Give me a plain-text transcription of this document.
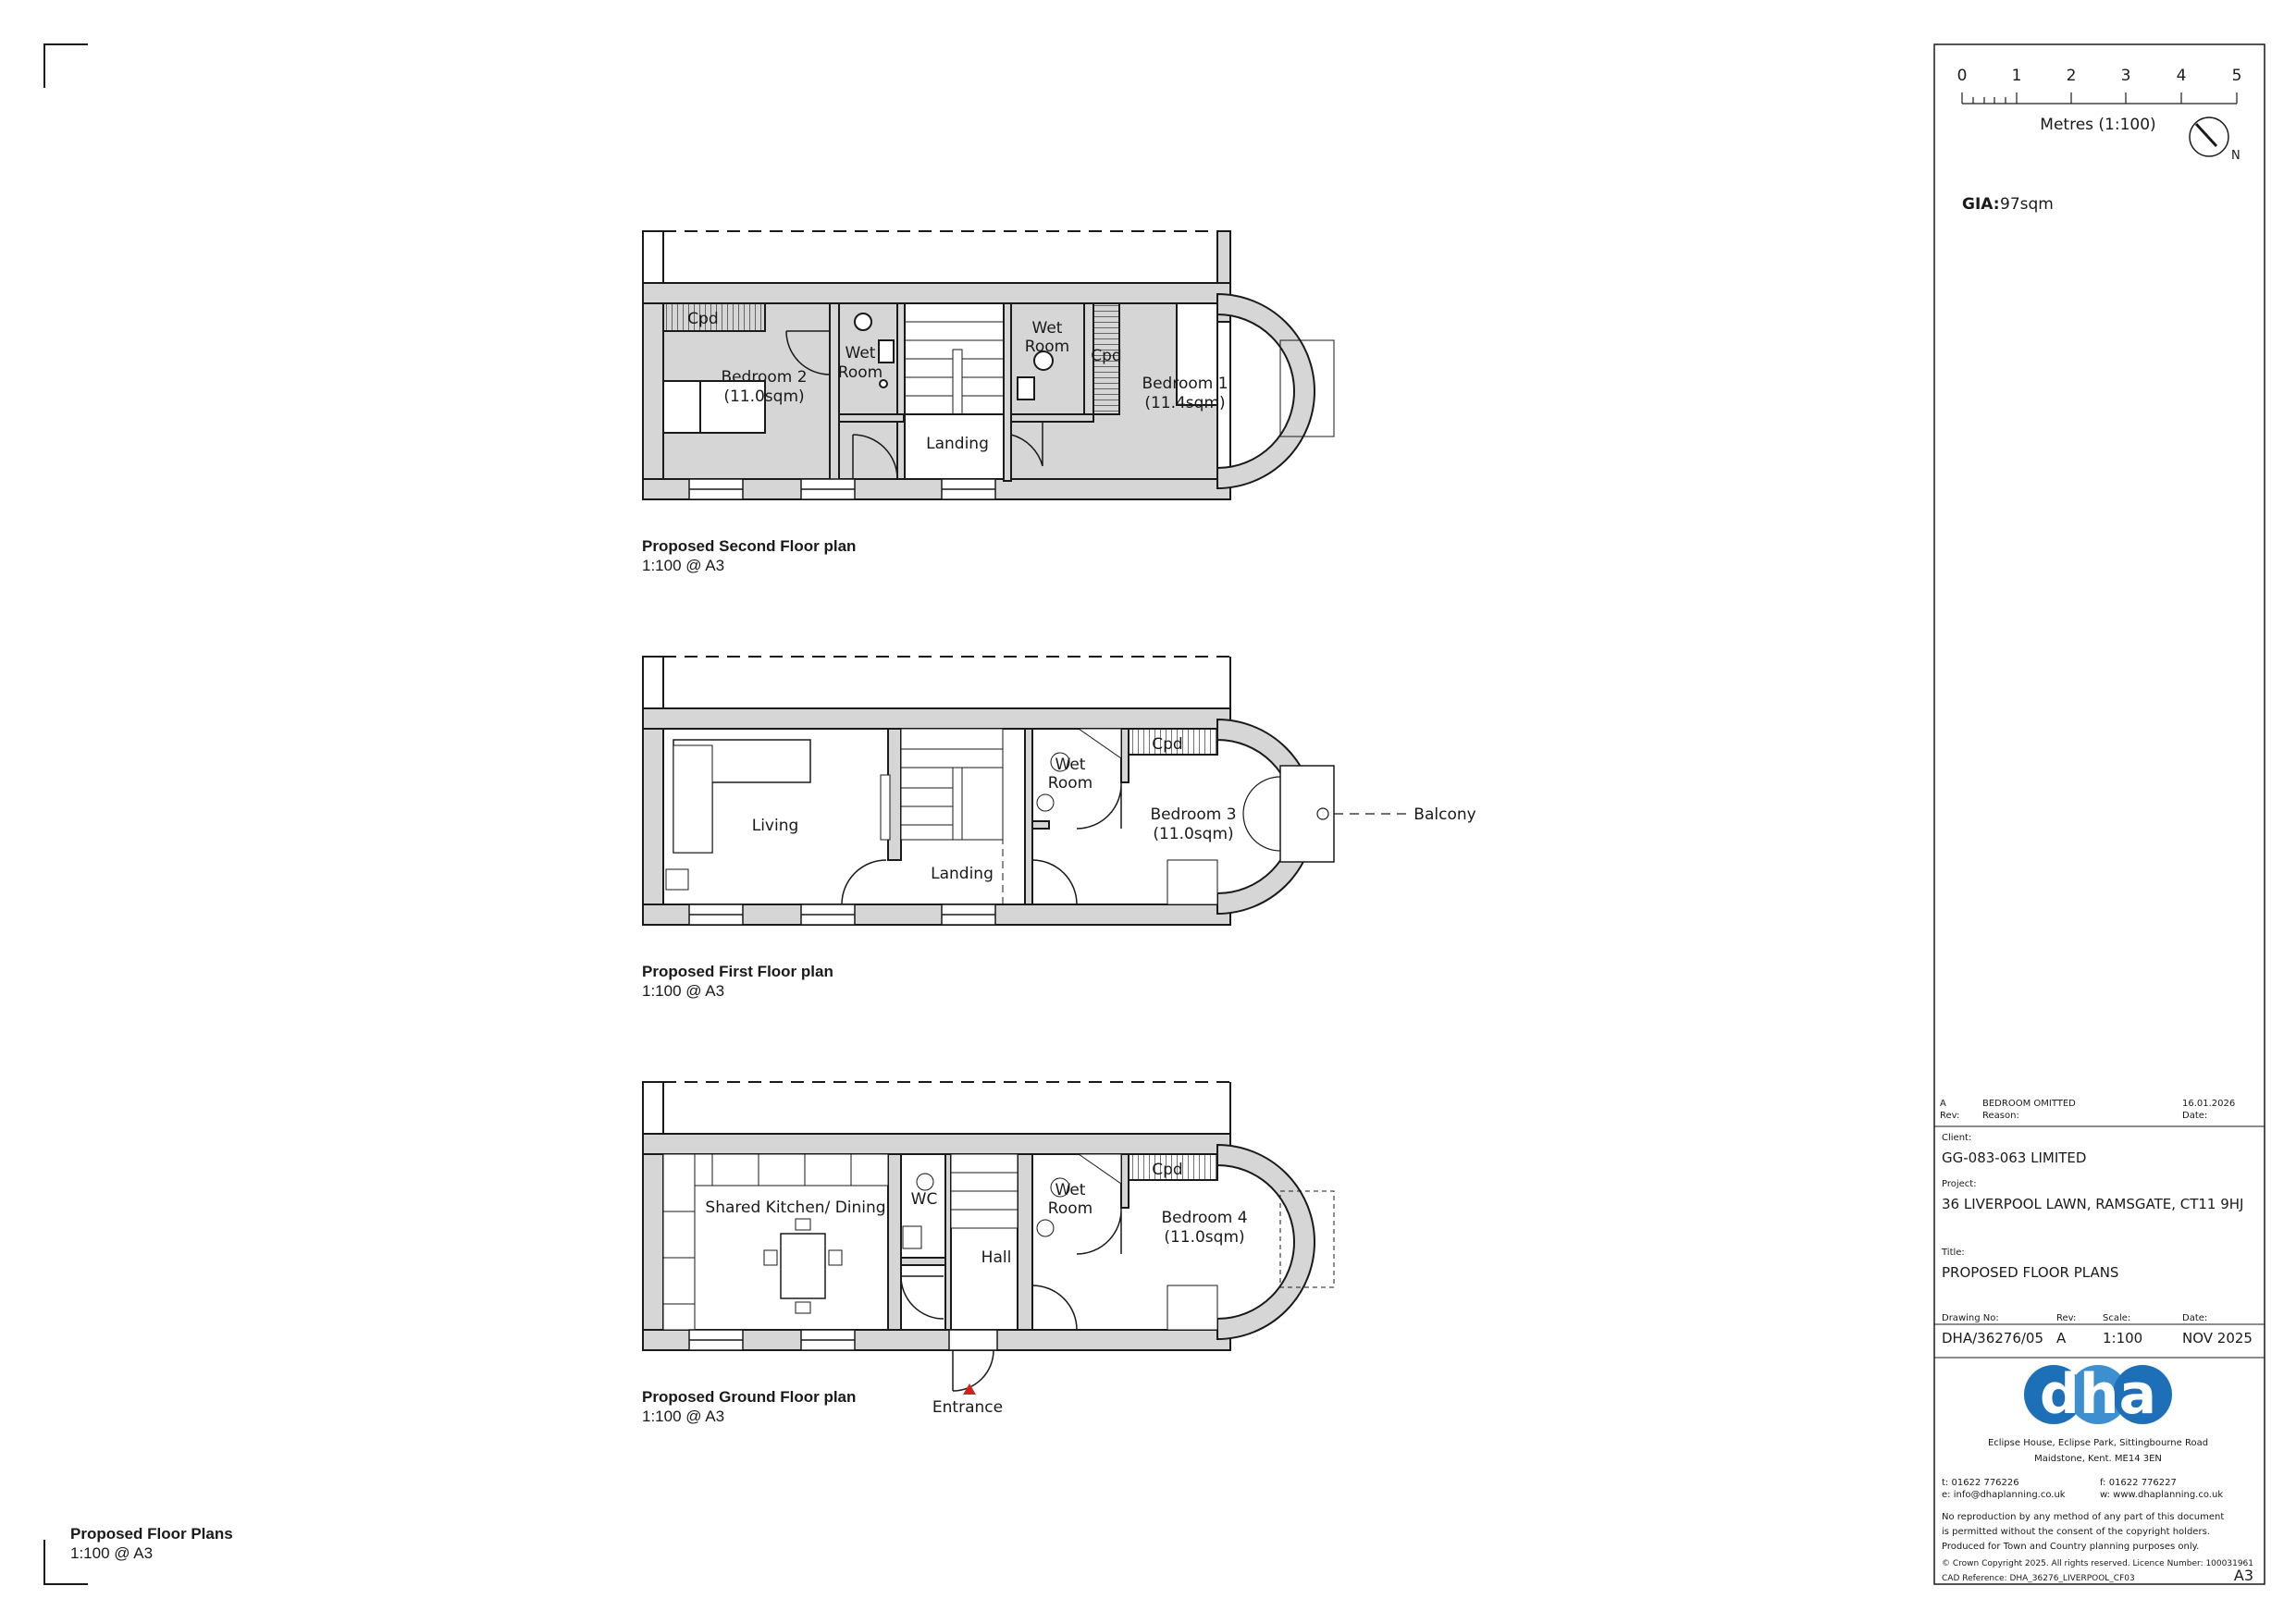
Cpd
Bedroom 2
(11.0sqm)
Wet
Room
Landing
Wet
Room Cpd
Bedroom 1
(11.4sqm)
Proposed Second Floor plan
1:100 @ A3
Living
Landing
Wet
Room
Cpd
Bedroom 3
(11.0sqm)
Balcony
Proposed First Floor plan
1:100 @ A3
Shared Kitchen/ Dining WC
Hall
Wet
Room
Cpd
Bedroom 4
(11.0sqm)
Entrance
Proposed Ground Floor plan
1:100 @ A3
Proposed Floor Plans
1:100 @ A3
0	1	2	3	4	5
Metres (1:100)
N
GIA: 97sqm
A	BEDROOM OMITTED	16.01.2026
Rev: Reason:	Date:
Client:
GG-083-063 LIMITED
Project:
36 LIVERPOOL LAWN, RAMSGATE, CT11 9HJ
Title:
PROPOSED FLOOR PLANS
Drawing No:
DHA/36276/05
Rev:
A
Scale:
1:100
Date:
NOV 2025
dha
Eclipse House, Eclipse Park, Sittingbourne Road
Maidstone, Kent. ME14 3EN
t: 01622 776226	f: 01622 776227
e: info@dhaplanning.co.uk	w: www.dhaplanning.co.uk
No reproduction by any method of any part of this document
is permitted without the consent of the copyright holders.
Produced for Town and Country planning purposes only.
© Crown Copyright 2025. All rights reserved. Licence Number: 100031961
CAD Reference: DHA_36276_LIVERPOOL_CF03	A3
